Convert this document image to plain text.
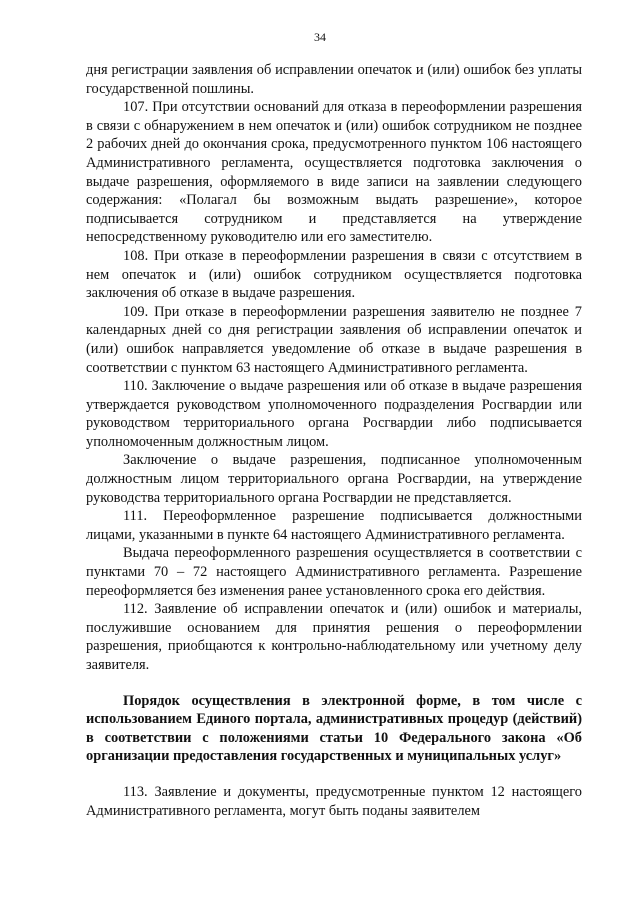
34

дня регистрации заявления об исправлении опечаток и (или) ошибок без уплаты государственной пошлины.

107. При отсутствии оснований для отказа в переоформлении разрешения в связи с обнаружением в нем опечаток и (или) ошибок сотрудником не позднее 2 рабочих дней до окончания срока, предусмотренного пунктом 106 настоящего Административного регламента, осуществляется подготовка заключения о выдаче разрешения, оформляемого в виде записи на заявлении следующего содержания: «Полагал бы возможным выдать разрешение», которое подписывается сотрудником и представляется на утверждение непосредственному руководителю или его заместителю.

108. При отказе в переоформлении разрешения в связи с отсутствием в нем опечаток и (или) ошибок сотрудником осуществляется подготовка заключения об отказе в выдаче разрешения.

109. При отказе в переоформлении разрешения заявителю не позднее 7 календарных дней со дня регистрации заявления об исправлении опечаток и (или) ошибок направляется уведомление об отказе в выдаче разрешения в соответствии с пунктом 63 настоящего Административного регламента.

110. Заключение о выдаче разрешения или об отказе в выдаче разрешения утверждается руководством уполномоченного подразделения Росгвардии или руководством территориального органа Росгвардии либо подписывается уполномоченным должностным лицом.

Заключение о выдаче разрешения, подписанное уполномоченным должностным лицом территориального органа Росгвардии, на утверждение руководства территориального органа Росгвардии не представляется.

111. Переоформленное разрешение подписывается должностными лицами, указанными в пункте 64 настоящего Административного регламента.

Выдача переоформленного разрешения осуществляется в соответствии с пунктами 70 – 72 настоящего Административного регламента. Разрешение переоформляется без изменения ранее установленного срока его действия.

112. Заявление об исправлении опечаток и (или) ошибок и материалы, послужившие основанием для принятия решения о переоформлении разрешения, приобщаются к контрольно-наблюдательному или учетному делу заявителя.

Порядок осуществления в электронной форме, в том числе с использованием Единого портала, административных процедур (действий) в соответствии с положениями статьи 10 Федерального закона «Об организации предоставления государственных и муниципальных услуг»

113. Заявление и документы, предусмотренные пунктом 12 настоящего Административного регламента, могут быть поданы заявителем
